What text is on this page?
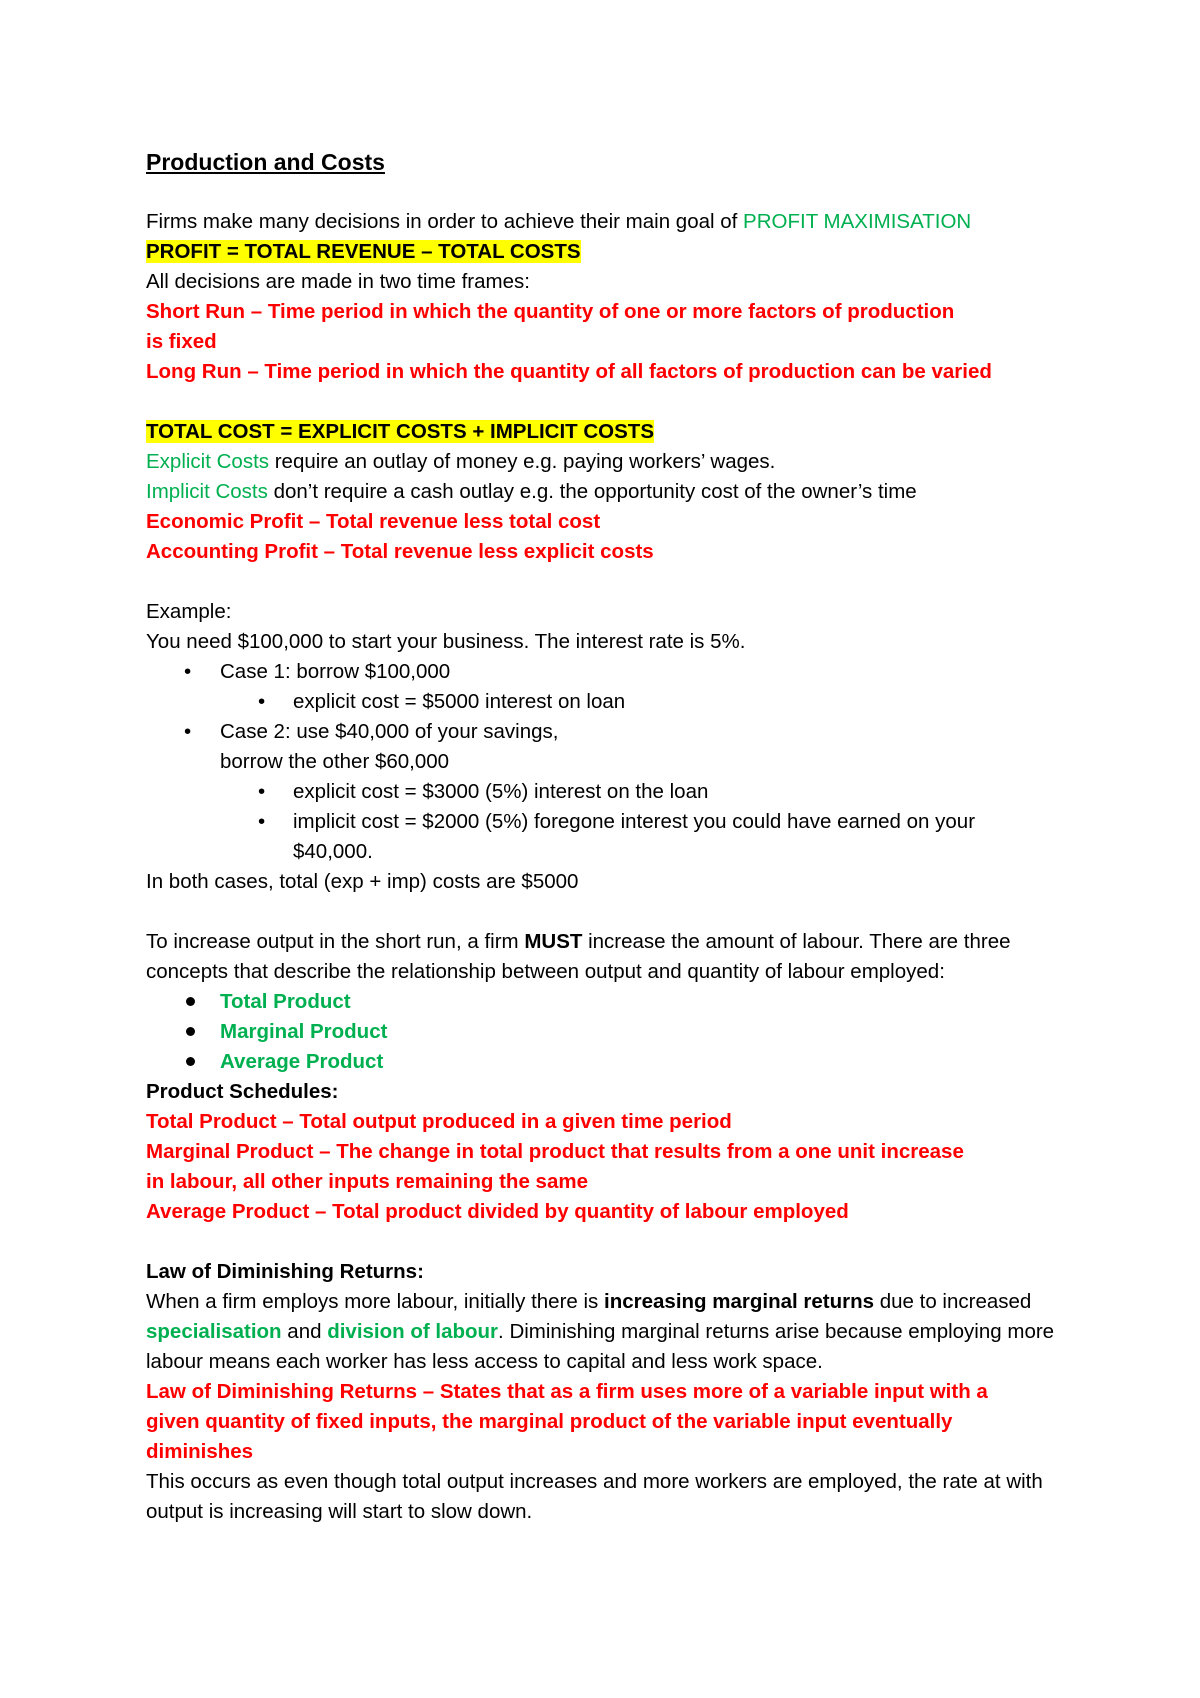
Production and Costs
Firms make many decisions in order to achieve their main goal of PROFIT MAXIMISATION
PROFIT = TOTAL REVENUE – TOTAL COSTS
All decisions are made in two time frames:
Short Run – Time period in which the quantity of one or more factors of production is fixed
Long Run – Time period in which the quantity of all factors of production can be varied
TOTAL COST = EXPLICIT COSTS + IMPLICIT COSTS
Explicit Costs require an outlay of money e.g. paying workers’ wages.
Implicit Costs don’t require a cash outlay e.g. the opportunity cost of the owner’s time
Economic Profit – Total revenue less total cost
Accounting Profit – Total revenue less explicit costs
Example:
You need $100,000 to start your business. The interest rate is 5%.
• Case 1: borrow $100,000
• explicit cost = $5000 interest on loan
• Case 2: use $40,000 of your savings,
borrow the other $60,000
• explicit cost = $3000 (5%) interest on the loan
• implicit cost = $2000 (5%) foregone interest you could have earned on your
$40,000.
In both cases, total (exp + imp) costs are $5000
To increase output in the short run, a firm MUST increase the amount of labour. There are three concepts that describe the relationship between output and quantity of labour employed:
Total Product
Marginal Product
Average Product
Product Schedules:
Total Product – Total output produced in a given time period
Marginal Product – The change in total product that results from a one unit increase in labour, all other inputs remaining the same
Average Product – Total product divided by quantity of labour employed
Law of Diminishing Returns:
When a firm employs more labour, initially there is increasing marginal returns due to increased specialisation and division of labour. Diminishing marginal returns arise because employing more labour means each worker has less access to capital and less work space.
Law of Diminishing Returns – States that as a firm uses more of a variable input with a given quantity of fixed inputs, the marginal product of the variable input eventually diminishes
This occurs as even though total output increases and more workers are employed, the rate at with output is increasing will start to slow down.
